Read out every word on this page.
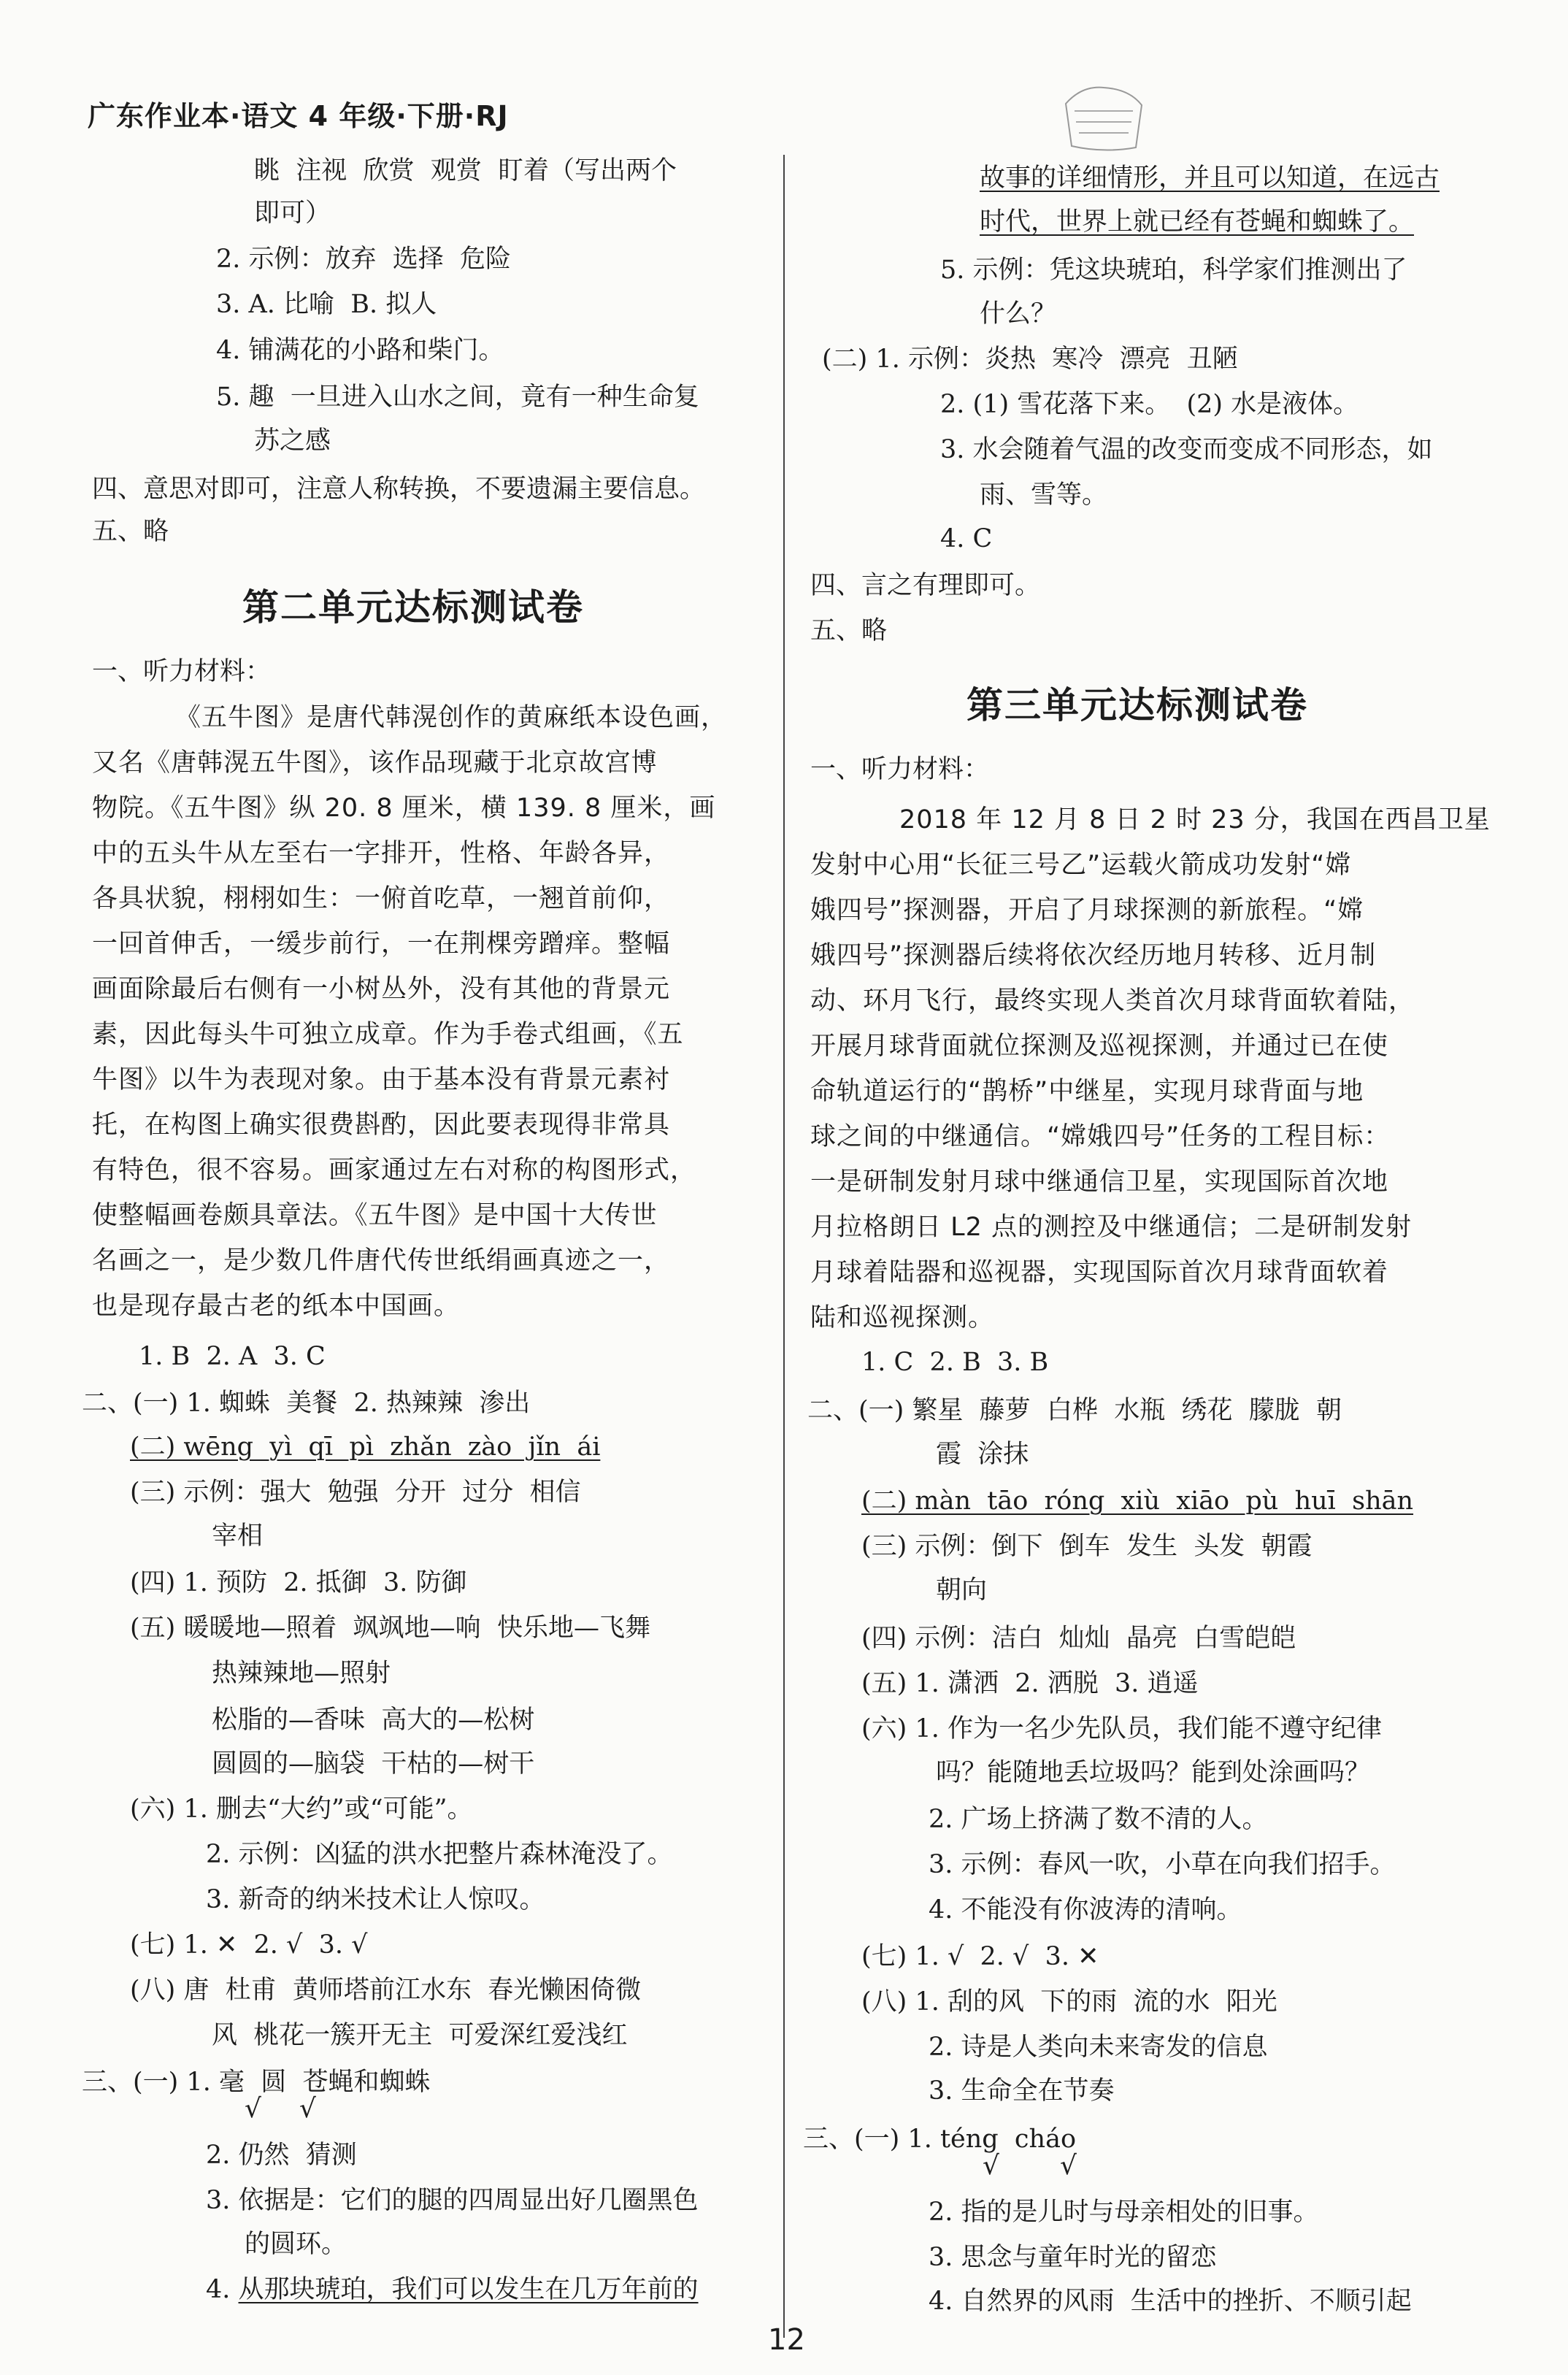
广东作业本·语文 4 年级·下册·RJ
眺  注视  欣赏  观赏  盯着（写出两个
即可）
2. 示例：放弃  选择  危险
3. A. 比喻  B. 拟人
4. 铺满花的小路和柴门。
5. 趣  一旦进入山水之间，竟有一种生命复
苏之感
四、意思对即可，注意人称转换，不要遗漏主要信息。
五、略
第二单元达标测试卷
一、听力材料：
《五牛图》是唐代韩滉创作的黄麻纸本设色画，
又名《唐韩滉五牛图》，该作品现藏于北京故宫博
物院。《五牛图》纵 20. 8 厘米，横 139. 8 厘米，画
中的五头牛从左至右一字排开，性格、年龄各异，
各具状貌，栩栩如生：一俯首吃草，一翘首前仰，
一回首伸舌，一缓步前行，一在荆棵旁蹭痒。整幅
画面除最后右侧有一小树丛外，没有其他的背景元
素，因此每头牛可独立成章。作为手卷式组画，《五
牛图》以牛为表现对象。由于基本没有背景元素衬
托，在构图上确实很费斟酌，因此要表现得非常具
有特色，很不容易。画家通过左右对称的构图形式，
使整幅画卷颇具章法。《五牛图》是中国十大传世
名画之一，是少数几件唐代传世纸绢画真迹之一，
也是现存最古老的纸本中国画。
1. B  2. A  3. C
二、(一) 1. 蜘蛛  美餐  2. 热辣辣  渗出
(二) wēng  yì  qī  pì  zhǎn  zào  jǐn  ái
(三) 示例：强大  勉强  分开  过分  相信
宰相
(四) 1. 预防  2. 抵御  3. 防御
(五) 暖暖地—照着  飒飒地—响  快乐地—飞舞
热辣辣地—照射
松脂的—香味  高大的—松树
圆圆的—脑袋  干枯的—树干
(六) 1. 删去“大约”或“可能”。
2. 示例：凶猛的洪水把整片森林淹没了。
3. 新奇的纳米技术让人惊叹。
(七) 1. ✕  2. √  3. √
(八) 唐  杜甫  黄师塔前江水东  春光懒困倚微
风  桃花一簇开无主  可爱深红爱浅红
三、(一) 1. 毫  圆  苍蝇和蜘蛛
√ √
2. 仍然  猜测
3. 依据是：它们的腿的四周显出好几圈黑色
的圆环。
4. 从那块琥珀，我们可以发生在几万年前的
故事的详细情形，并且可以知道，在远古
时代，世界上就已经有苍蝇和蜘蛛了。
5. 示例：凭这块琥珀，科学家们推测出了
什么？
(二) 1. 示例：炎热  寒冷  漂亮  丑陋
2. (1) 雪花落下来。  (2) 水是液体。
3. 水会随着气温的改变而变成不同形态，如
雨、雪等。
4. C
四、言之有理即可。
五、略
第三单元达标测试卷
一、听力材料：
2018 年 12 月 8 日 2 时 23 分，我国在西昌卫星
发射中心用“长征三号乙”运载火箭成功发射“嫦
娥四号”探测器，开启了月球探测的新旅程。“嫦
娥四号”探测器后续将依次经历地月转移、近月制
动、环月飞行，最终实现人类首次月球背面软着陆，
开展月球背面就位探测及巡视探测，并通过已在使
命轨道运行的“鹊桥”中继星，实现月球背面与地
球之间的中继通信。“嫦娥四号”任务的工程目标：
一是研制发射月球中继通信卫星，实现国际首次地
月拉格朗日 L2 点的测控及中继通信；二是研制发射
月球着陆器和巡视器，实现国际首次月球背面软着
陆和巡视探测。
1. C  2. B  3. B
二、(一) 繁星  藤萝  白桦  水瓶  绣花  朦胧  朝
霞  涂抹
(二) màn  tāo  róng  xiù  xiāo  pù  huī  shān
(三) 示例：倒下  倒车  发生  头发  朝霞
朝向
(四) 示例：洁白  灿灿  晶亮  白雪皑皑
(五) 1. 潇洒  2. 洒脱  3. 逍遥
(六) 1. 作为一名少先队员，我们能不遵守纪律
吗？能随地丢垃圾吗？能到处涂画吗？
2. 广场上挤满了数不清的人。
3. 示例：春风一吹，小草在向我们招手。
4. 不能没有你波涛的清响。
(七) 1. √  2. √  3. ✕
(八) 1. 刮的风  下的雨  流的水  阳光
2. 诗是人类向未来寄发的信息
3. 生命全在节奏
三、(一) 1. téng  cháo
√ √
2. 指的是儿时与母亲相处的旧事。
3. 思念与童年时光的留恋
4. 自然界的风雨  生活中的挫折、不顺引起
12
